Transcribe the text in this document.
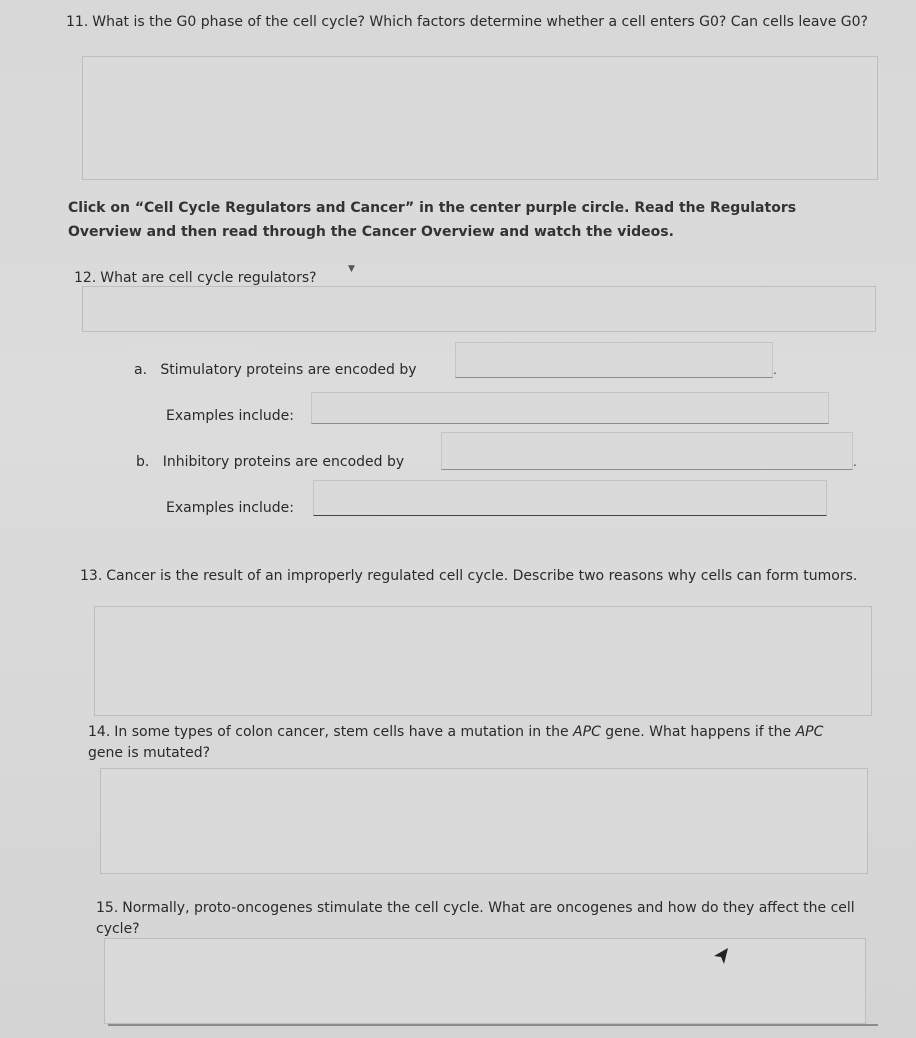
11. What is the G0 phase of the cell cycle? Which factors determine whether a cell enters G0? Can cells leave G0?
Click on “Cell Cycle Regulators and Cancer” in the center purple circle. Read the Regulators Overview and then read through the Cancer Overview and watch the videos.
12. What are cell cycle regulators?
▼
a. Stimulatory proteins are encoded by	.
Examples include:
b. Inhibitory proteins are encoded by	.
Examples include:
13. Cancer is the result of an improperly regulated cell cycle. Describe two reasons why cells can form tumors.
14. In some types of colon cancer, stem cells have a mutation in the APC gene. What happens if the APC gene is mutated?
15. Normally, proto-oncogenes stimulate the cell cycle. What are oncogenes and how do they affect the cell cycle?
